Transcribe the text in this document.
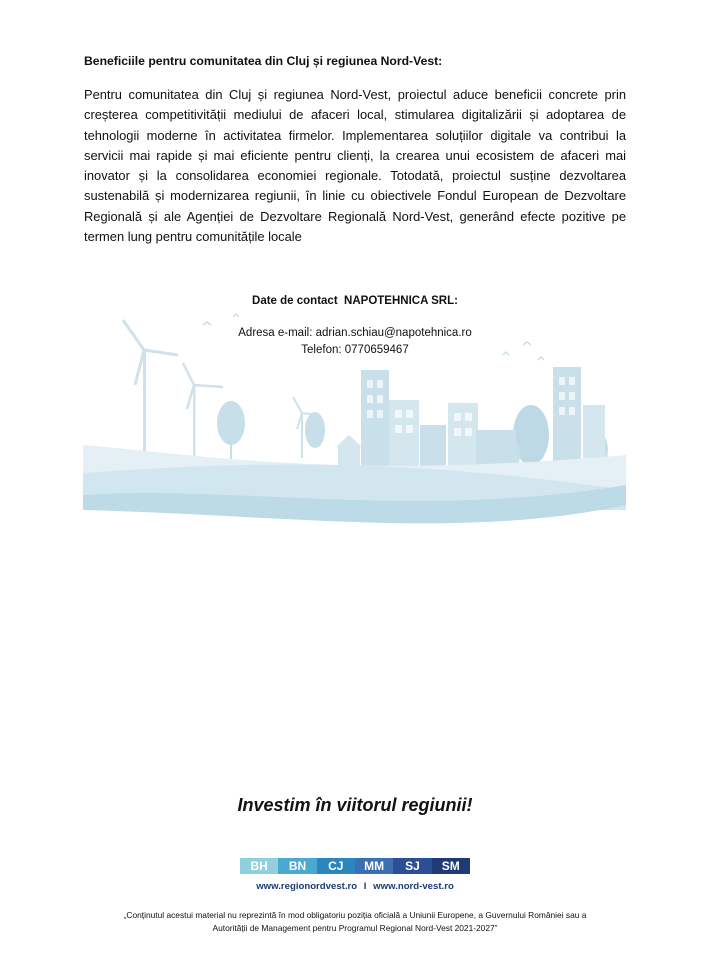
Beneficiile pentru comunitatea din Cluj și regiunea Nord-Vest:

Pentru comunitatea din Cluj și regiunea Nord-Vest, proiectul aduce beneficii concrete prin creșterea competitivității mediului de afaceri local, stimularea digitalizării și adoptarea de tehnologii moderne în activitatea firmelor. Implementarea soluțiilor digitale va contribui la servicii mai rapide și mai eficiente pentru clienți, la crearea unui ecosistem de afaceri mai inovator și la consolidarea economiei regionale. Totodată, proiectul susține dezvoltarea sustenabilă și modernizarea regiunii, în linie cu obiectivele Fondul European de Dezvoltare Regională și ale Agenției de Dezvoltare Regională Nord-Vest, generând efecte pozitive pe termen lung pentru comunitățile locale

Date de contact  NAPOTEHNICA SRL:
Adresa e-mail: adrian.schiau@napotehnica.ro
Telefon: 0770659467
Investim în viitorul regiunii!
BH	BN	CJ	MM	SJ	SM
www.regionordvest.ro I www.nord-vest.ro

„Conținutul acestui material nu reprezintă în mod obligatoriu poziția oficială a Uniunii Europene, a Guvernului României sau a Autorității de Management pentru Programul Regional Nord-Vest 2021-2027”
